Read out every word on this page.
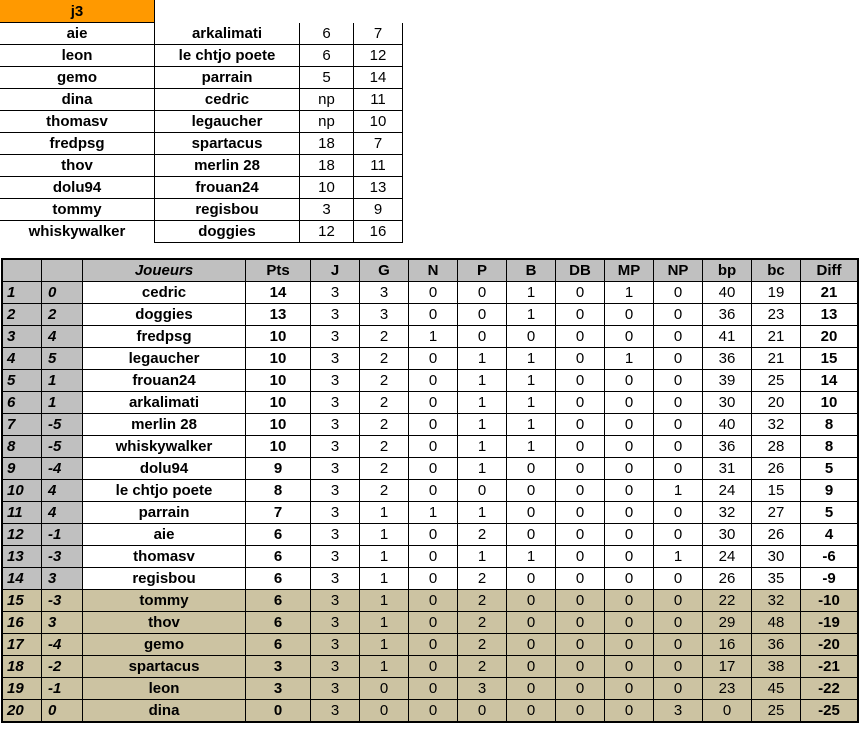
j3			
aie	arkalimati	6	7
leon	le chtjo poete	6	12
gemo	parrain	5	14
dina	cedric	np	11
thomasv	legaucher	np	10
fredpsg	spartacus	18	7
thov	merlin 28	18	11
dolu94	frouan24	10	13
tommy	regisbou	3	9
whiskywalker	doggies	12	16
		Joueurs	Pts	J	G	N	P	B	DB	MP	NP	bp	bc	Diff
1	0	cedric	14	3	3	0	0	1	0	1	0	40	19	21
2	2	doggies	13	3	3	0	0	1	0	0	0	36	23	13
3	4	fredpsg	10	3	2	1	0	0	0	0	0	41	21	20
4	5	legaucher	10	3	2	0	1	1	0	1	0	36	21	15
5	1	frouan24	10	3	2	0	1	1	0	0	0	39	25	14
6	1	arkalimati	10	3	2	0	1	1	0	0	0	30	20	10
7	-5	merlin 28	10	3	2	0	1	1	0	0	0	40	32	8
8	-5	whiskywalker	10	3	2	0	1	1	0	0	0	36	28	8
9	-4	dolu94	9	3	2	0	1	0	0	0	0	31	26	5
10	4	le chtjo poete	8	3	2	0	0	0	0	0	1	24	15	9
11	4	parrain	7	3	1	1	1	0	0	0	0	32	27	5
12	-1	aie	6	3	1	0	2	0	0	0	0	30	26	4
13	-3	thomasv	6	3	1	0	1	1	0	0	1	24	30	-6
14	3	regisbou	6	3	1	0	2	0	0	0	0	26	35	-9
15	-3	tommy	6	3	1	0	2	0	0	0	0	22	32	-10
16	3	thov	6	3	1	0	2	0	0	0	0	29	48	-19
17	-4	gemo	6	3	1	0	2	0	0	0	0	16	36	-20
18	-2	spartacus	3	3	1	0	2	0	0	0	0	17	38	-21
19	-1	leon	3	3	0	0	3	0	0	0	0	23	45	-22
20	0	dina	0	3	0	0	0	0	0	0	3	0	25	-25
